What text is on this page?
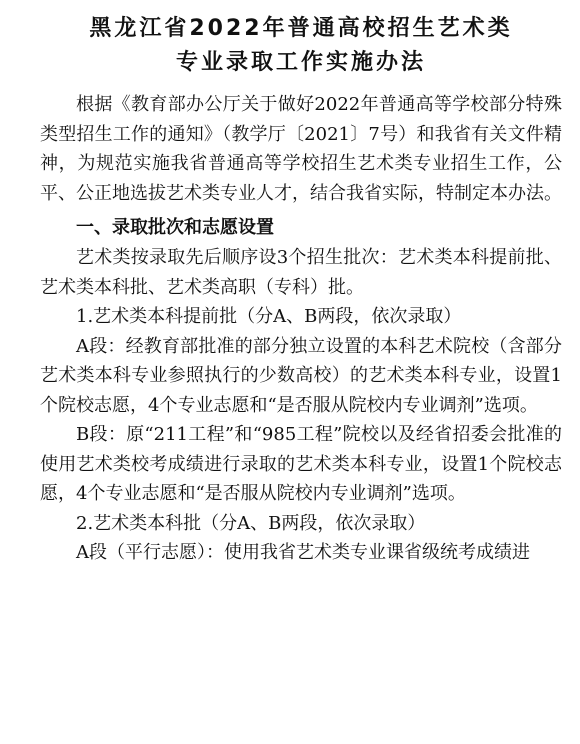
黑龙江省2022年普通高校招生艺术类

专业录取工作实施办法

根据《教育部办公厅关于做好2022年普通高等学校部分特殊类型招生工作的通知》（教学厅〔2021〕7号）和我省有关文件精神，为规范实施我省普通高等学校招生艺术类专业招生工作，公平、公正地选拔艺术类专业人才，结合我省实际，特制定本办法。

一、录取批次和志愿设置

艺术类按录取先后顺序设3个招生批次：艺术类本科提前批、艺术类本科批、艺术类高职（专科）批。

1.艺术类本科提前批（分A、B两段，依次录取）

A段：经教育部批准的部分独立设置的本科艺术院校（含部分艺术类本科专业参照执行的少数高校）的艺术类本科专业，设置1个院校志愿，4个专业志愿和“是否服从院校内专业调剂”选项。

B段：原“211工程”和“985工程”院校以及经省招委会批准的使用艺术类校考成绩进行录取的艺术类本科专业，设置1个院校志愿，4个专业志愿和“是否服从院校内专业调剂”选项。

2.艺术类本科批（分A、B两段，依次录取）

A段（平行志愿）：使用我省艺术类专业课省级统考成绩进
